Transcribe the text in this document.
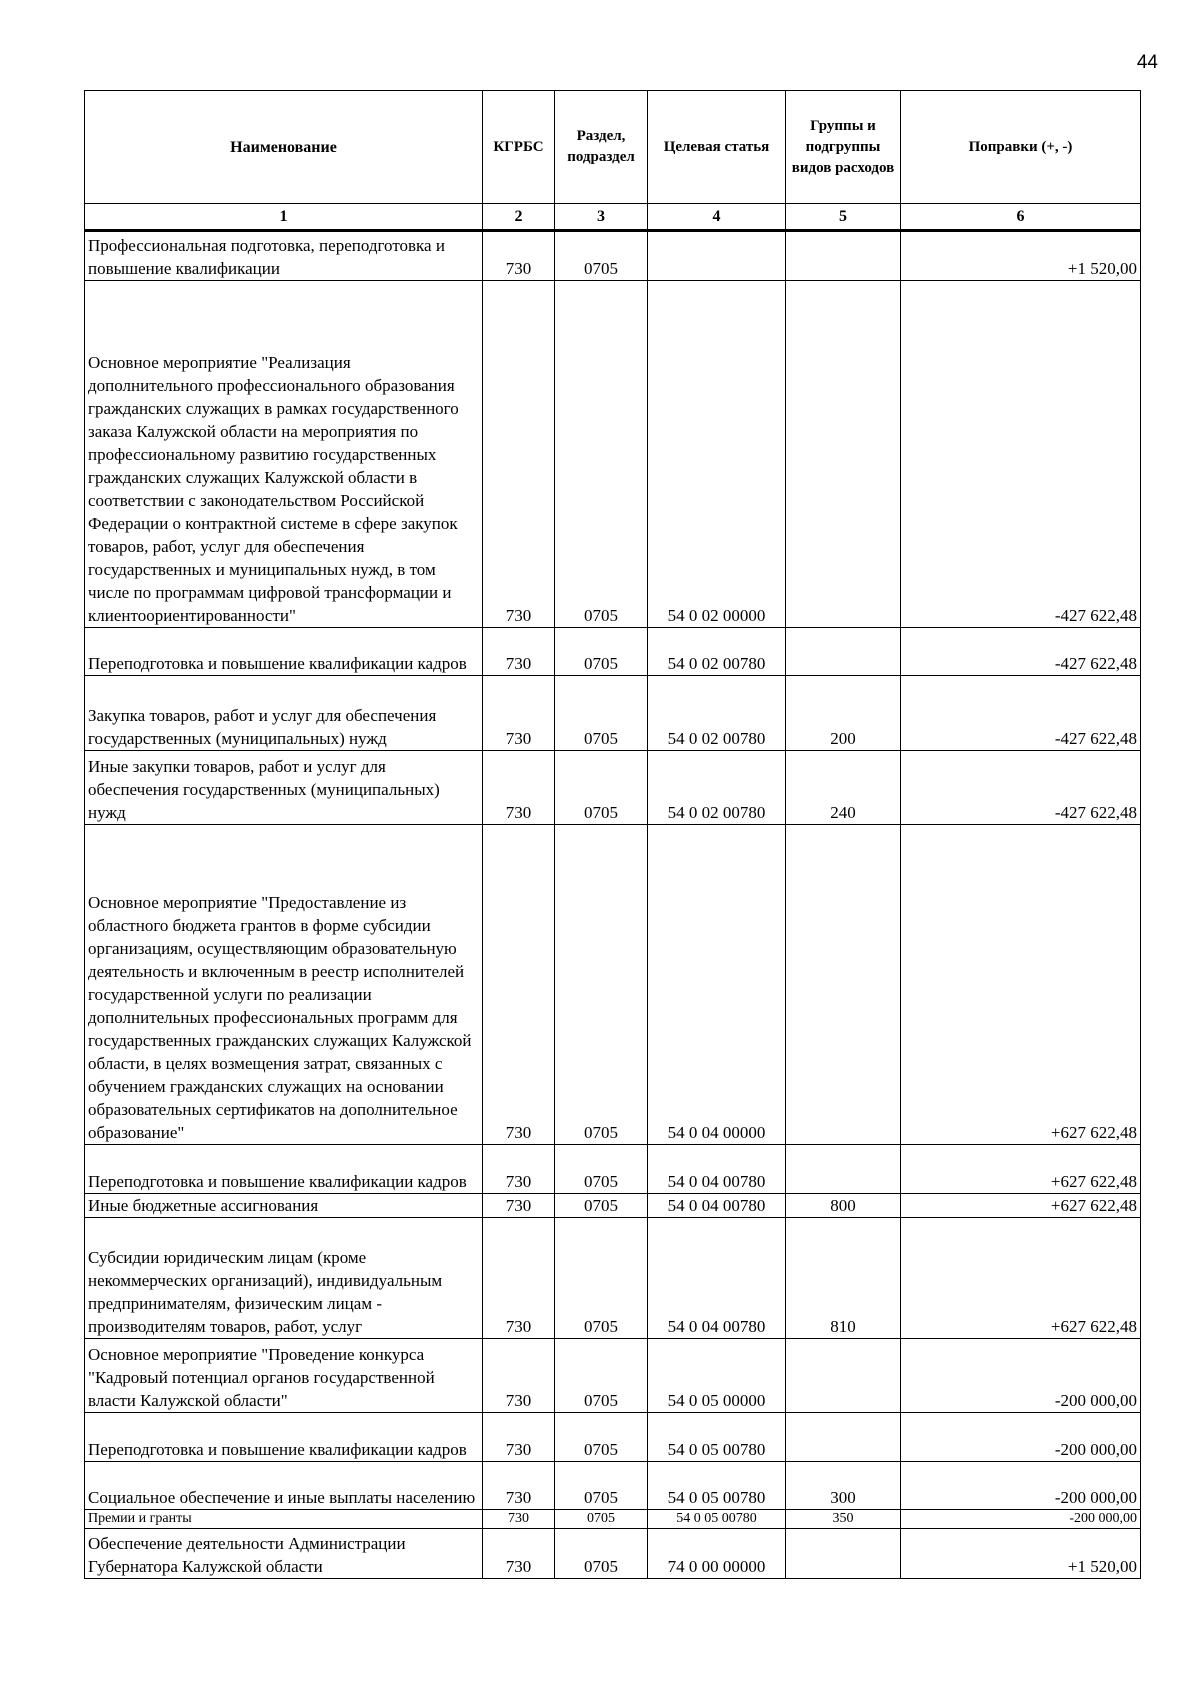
44
Наименование	КГРБС	Раздел, подраздел	Целевая статья	Группы и подгруппы видов расходов	Поправки (+, -)
1	2	3	4	5	6
Профессиональная подготовка, переподготовка и повышение квалификации	730	0705			+1 520,00
Основное мероприятие "Реализация дополнительного профессионального образования гражданских служащих в рамках государственного заказа Калужской области на мероприятия по профессиональному развитию государственных гражданских служащих Калужской области в соответствии с законодательством Российской Федерации о контрактной системе в сфере закупок товаров, работ, услуг для обеспечения государственных и муниципальных нужд, в том числе по программам цифровой трансформации и клиентоориентированности"	730	0705	54 0 02 00000		-427 622,48
Переподготовка и повышение квалификации кадров	730	0705	54 0 02 00780		-427 622,48
Закупка товаров, работ и услуг для обеспечения государственных (муниципальных) нужд	730	0705	54 0 02 00780	200	-427 622,48
Иные закупки товаров, работ и услуг для обеспечения государственных (муниципальных) нужд	730	0705	54 0 02 00780	240	-427 622,48
Основное мероприятие "Предоставление из областного бюджета грантов в форме субсидии организациям, осуществляющим образовательную деятельность и включенным в реестр исполнителей государственной услуги по реализации дополнительных профессиональных программ для государственных гражданских служащих Калужской области, в целях возмещения затрат, связанных с обучением гражданских служащих на основании образовательных сертификатов на дополнительное образование"	730	0705	54 0 04 00000		+627 622,48
Переподготовка и повышение квалификации кадров	730	0705	54 0 04 00780		+627 622,48
Иные бюджетные ассигнования	730	0705	54 0 04 00780	800	+627 622,48
Субсидии юридическим лицам (кроме некоммерческих организаций), индивидуальным предпринимателям, физическим лицам - производителям товаров, работ, услуг	730	0705	54 0 04 00780	810	+627 622,48
Основное мероприятие "Проведение конкурса "Кадровый потенциал органов государственной власти Калужской области"	730	0705	54 0 05 00000		-200 000,00
Переподготовка и повышение квалификации кадров	730	0705	54 0 05 00780		-200 000,00
Социальное обеспечение и иные выплаты населению	730	0705	54 0 05 00780	300	-200 000,00
Премии и гранты	730	0705	54 0 05 00780	350	-200 000,00
Обеспечение деятельности Администрации Губернатора Калужской области	730	0705	74 0 00 00000		+1 520,00
